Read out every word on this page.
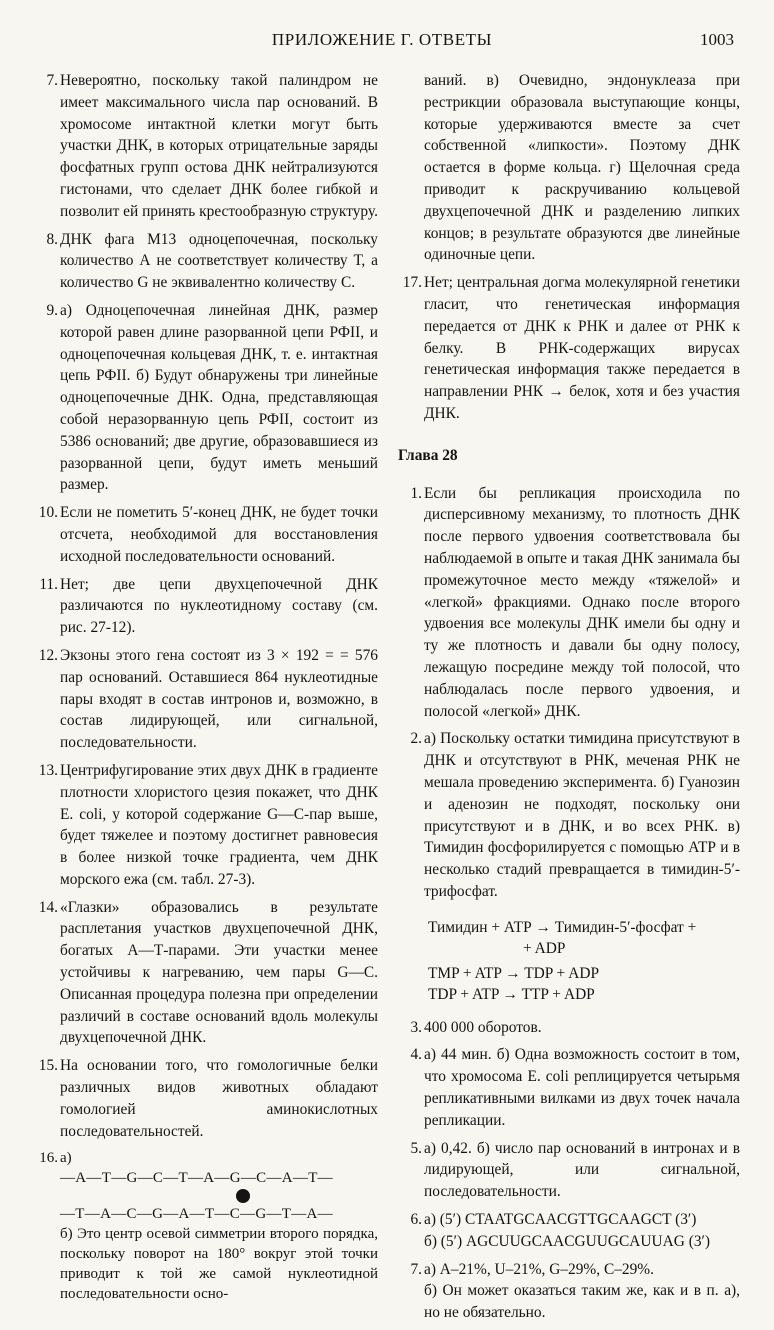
ПРИЛОЖЕНИЕ Г. ОТВЕТЫ	1003
7 . Невероятно, поскольку такой палиндром не имеет максимального числа пар оснований. В хромосоме интактной клетки могут быть участки ДНК, в которых отрицательные заряды фосфатных групп остова ДНК нейтрализуются гистонами, что сделает ДНК более гибкой и позволит ей принять крестообразную структуру.
8 . ДНК фага М13 одноцепочечная, поскольку количество А не соответствует количеству Т, а количество G не эквивалентно количеству С.
9 . а) Одноцепочечная линейная ДНК, размер которой равен длине разорванной цепи РФII, и одноцепочечная кольцевая ДНК, т. е. интактная цепь РФII. б) Будут обнаружены три линейные одноцепочечные ДНК. Одна, представляющая собой неразорванную цепь РФII, состоит из 5386 оснований; две другие, образовавшиеся из разорванной цепи, будут иметь меньший размер.
10 . Если не пометить 5′-конец ДНК, не будет точки отсчета, необходимой для восстановления исходной последовательности оснований.
11 . Нет; две цепи двухцепочечной ДНК различаются по нуклеотидному составу (см. рис. 27-12).
12 . Экзоны этого гена состоят из 3 × 192 = = 576 пар оснований. Оставшиеся 864 нуклеотидные пары входят в состав интронов и, возможно, в состав лидирующей, или сигнальной, последовательности.
13 . Центрифугирование этих двух ДНК в градиенте плотности хлористого цезия покажет, что ДНК E. coli, у которой содержание G—C-пар выше, будет тяжелее и поэтому достигнет равновесия в более низкой точке градиента, чем ДНК морского ежа (см. табл. 27-3).
14 . «Глазки» образовались в результате расплетания участков двухцепочечной ДНК, богатых А—Т-парами. Эти участки менее устойчивы к нагреванию, чем пары G—C. Описанная процедура полезна при определении различий в составе оснований вдоль молекулы двухцепочечной ДНК.
15 . На основании того, что гомологичные белки различных видов животных обладают гомологией аминокислотных последовательностей.
16 . а)
—А—Т—G—C—Т—А—G—C—А—Т—
—Т—А—C—G—А—Т—C—G—Т—А—
б) Это центр осевой симметрии второго порядка, поскольку поворот на 180° вокруг этой точки приводит к той же самой нуклеотидной последовательности осно-
ваний. в) Очевидно, эндонуклеаза при рестрикции образовала выступающие концы, которые удерживаются вместе за счет собственной «липкости». Поэтому ДНК остается в форме кольца. г) Щелочная среда приводит к раскручиванию кольцевой двухцепочечной ДНК и разделению липких концов; в результате образуются две линейные одиночные цепи.
17 . Нет; центральная догма молекулярной генетики гласит, что генетическая информация передается от ДНК к РНК и далее от РНК к белку. В РНК-содержащих вирусах генетическая информация также передается в направлении РНК → белок, хотя и без участия ДНК.
Глава 28
1 . Если бы репликация происходила по дисперсивному механизму, то плотность ДНК после первого удвоения соответствовала бы наблюдаемой в опыте и такая ДНК занимала бы промежуточное место между «тяжелой» и «легкой» фракциями. Однако после второго удвоения все молекулы ДНК имели бы одну и ту же плотность и давали бы одну полосу, лежащую посредине между той полосой, что наблюдалась после первого удвоения, и полосой «легкой» ДНК.
2 . а) Поскольку остатки тимидина присутствуют в ДНК и отсутствуют в РНК, меченая РНК не мешала проведению эксперимента. б) Гуанозин и аденозин не подходят, поскольку они присутствуют и в ДНК, и во всех РНК. в) Тимидин фосфорилируется с помощью АТР и в несколько стадий превращается в тимидин-5′-трифосфат.
Тимидин + АТР → Тимидин-5′-фосфат +
+ ADP
TMP + ATP → TDP + ADP
TDP + ATP → TTP + ADP
3 . 400 000 оборотов.
4 . а) 44 мин. б) Одна возможность состоит в том, что хромосома E. coli реплицируется четырьмя репликативными вилками из двух точек начала репликации.
5 . а) 0,42. б) число пар оснований в интронах и в лидирующей, или сигнальной, последовательности.
6 . а) (5′) CTAATGCAACGTTGCAAGCT (3′)
б) (5′) AGCUUGCAACGUUGCAUUAG (3′)
7 . а) A–21%, U–21%, G–29%, C–29%.
б) Он может оказаться таким же, как и в п. а), но не обязательно.
